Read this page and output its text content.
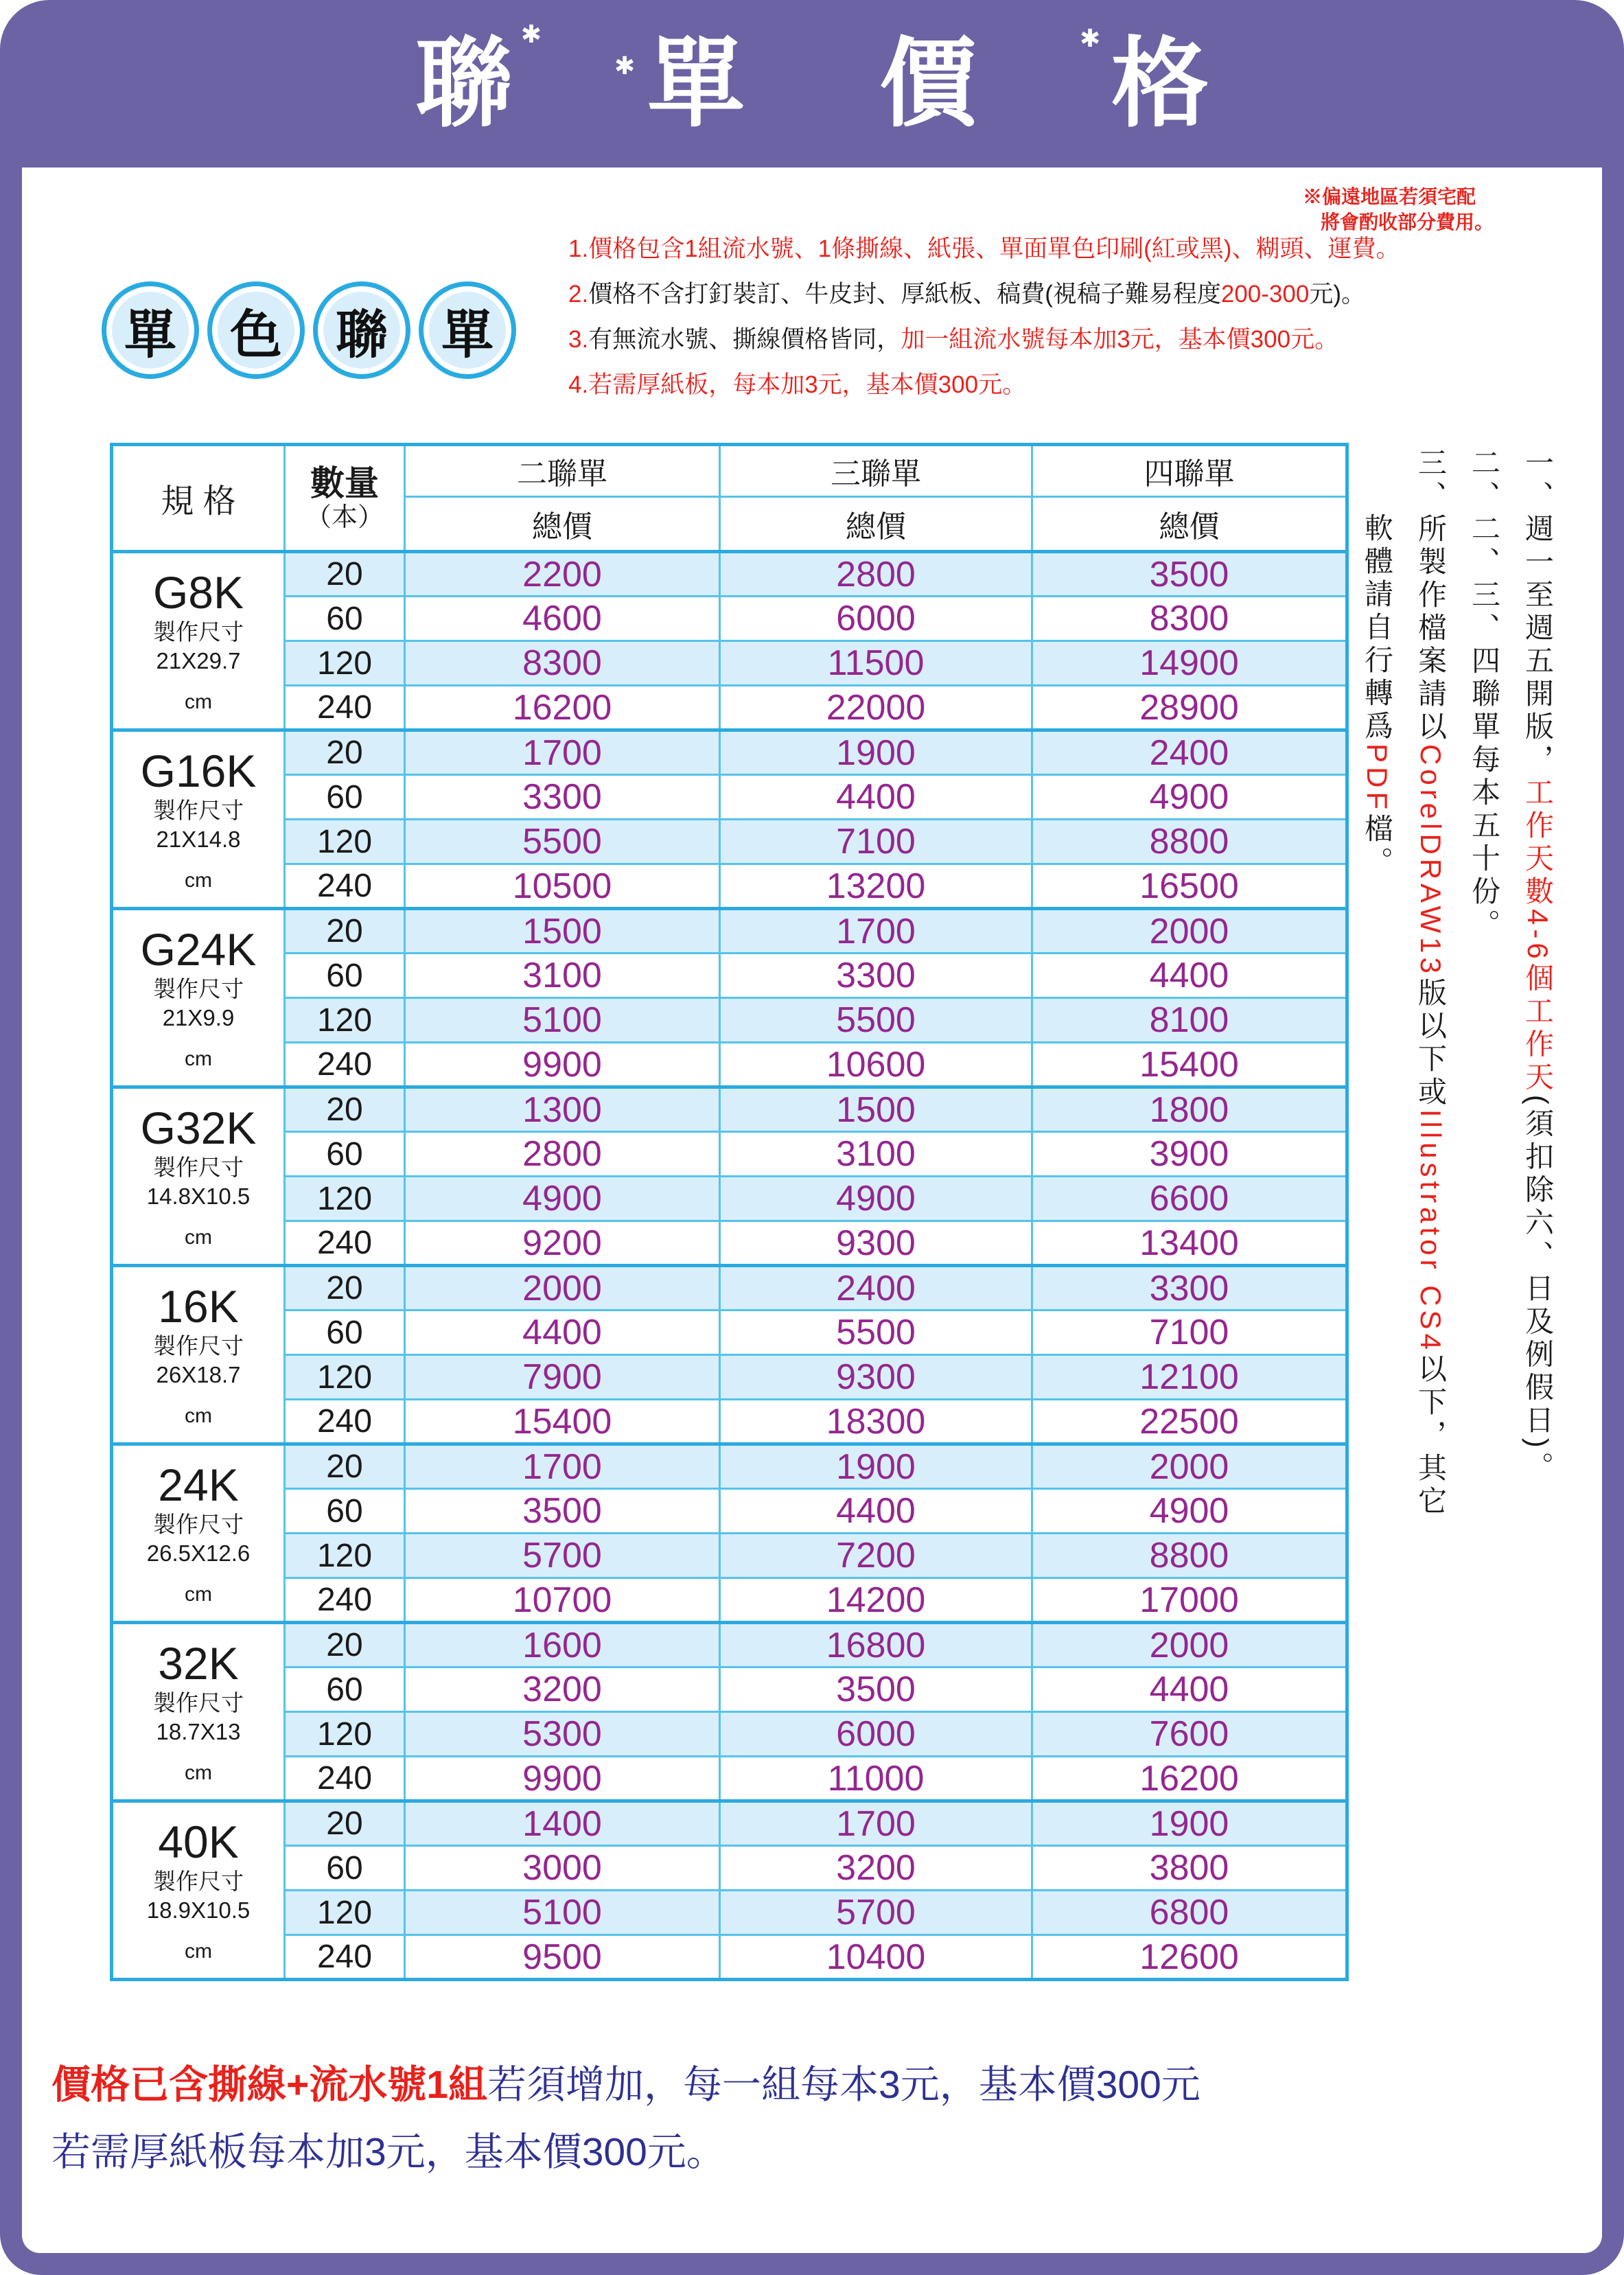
聯 ✱ 單
✱	價 格
✱
※偏遠地區若須宅配
將會酌收部分費用。
單 色 聯 單
1.價格包含1組流水號、1條撕線、紙張、單面單色印刷(紅或黑)、糊頭、運費。
2.價格不含打釘裝訂、牛皮封、厚紙板、稿費(視稿子難易程度200-300元)。
3.有無流水號、撕線價格皆同，加一組流水號每本加3元，基本價300元。
4.若需厚紙板，每本加3元，基本價300元。
規 格	數量
（本）	二聯單	三聯單	四聯單
		總價	總價	總價

G8K
製作尺寸
21X29.7
cm	20	2200	2800	3500
	60	4600	6000	8300
	120	8300	11500	14900
	240	16200	22000	28900

G16K
製作尺寸
21X14.8
cm	20	1700	1900	2400
	60	3300	4400	4900
	120	5500	7100	8800
	240	10500	13200	16500

G24K
製作尺寸
21X9.9
cm	20	1500	1700	2000
	60	3100	3300	4400
	120	5100	5500	8100
	240	9900	10600	15400

G32K
製作尺寸
14.8X10.5
cm	20	1300	1500	1800
	60	2800	3100	3900
	120	4900	4900	6600
	240	9200	9300	13400

16K
製作尺寸
26X18.7
cm	20	2000	2400	3300
	60	4400	5500	7100
	120	7900	9300	12100
	240	15400	18300	22500

24K
製作尺寸
26.5X12.6
cm	20	1700	1900	2000
	60	3500	4400	4900
	120	5700	7200	8800
	240	10700	14200	17000

32K
製作尺寸
18.7X13
cm	20	1600	16800	2000
	60	3200	3500	4400
	120	5300	6000	7600
	240	9900	11000	16200

40K
製作尺寸
18.9X10.5
cm	20	1400	1700	1900
	60	3000	3200	3800
	120	5100	5700	6800
	240	9500	10400	12600
一、週一至週五開版，工作天數4-6個工作天(須扣除六、日及例假日)。
二、二、三、四聯單每本五十份。
三、所製作檔案請以CorelDRAW13版以下或Illustrator CS4以下，其它
軟體請自行轉爲PDF檔。
價格已含撕線+流水號1組若須增加，每一組每本3元，基本價300元
若需厚紙板每本加3元，基本價300元。
